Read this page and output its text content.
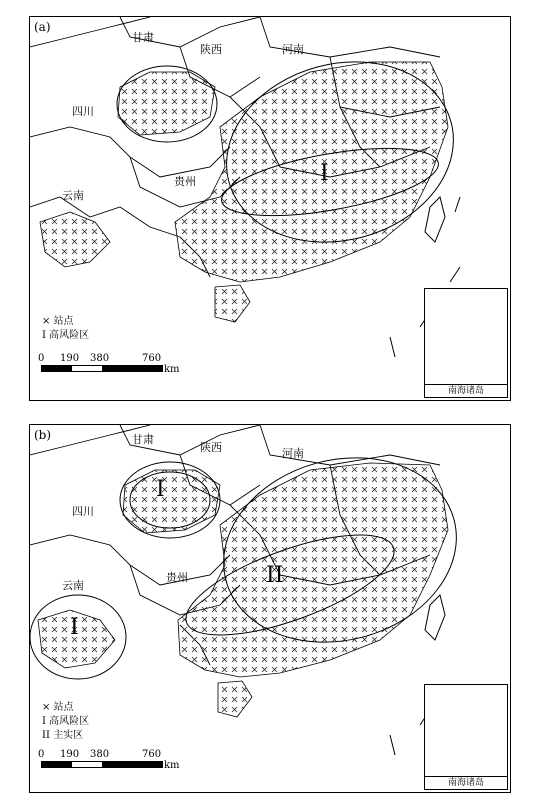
(a)
甘肃
陕西	河南
四川
贵州
云南
I
× 站点
I 高风险区
0 190 380	760
km
南海诸岛
(b)	甘肃
陕西	河南
四川
贵州
云南
I
I
II
× 站点
I 高风险区
II 主实区
0 190 380	760
km
南海诸岛
